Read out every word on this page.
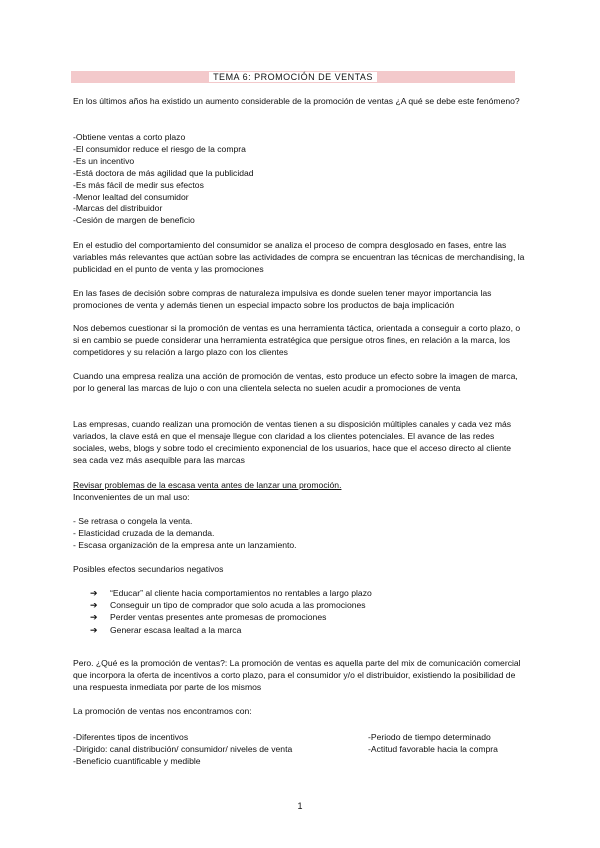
TEMA 6: PROMOCIÓN DE VENTAS

En los últimos años ha existido un aumento considerable de la promoción de ventas ¿A qué se debe este fenómeno?

-Obtiene ventas a corto plazo
-El consumidor reduce el riesgo de la compra
-Es un incentivo
-Está doctora de más agilidad que la publicidad
-Es más fácil de medir sus efectos
-Menor lealtad del consumidor
-Marcas del distribuidor
-Cesión de margen de beneficio

En el estudio del comportamiento del consumidor se analiza el proceso de compra desglosado en fases, entre las variables más relevantes que actúan sobre las actividades de compra se encuentran las técnicas de merchandising, la publicidad en el punto de venta y las promociones

En las fases de decisión sobre compras de naturaleza impulsiva es donde suelen tener mayor importancia las promociones de venta y además tienen un especial impacto sobre los productos de baja implicación

Nos debemos cuestionar si la promoción de ventas es una herramienta táctica, orientada a conseguir a corto plazo, o si en cambio se puede considerar una herramienta estratégica que persigue otros fines, en relación a la marca, los competidores y su relación a largo plazo con los clientes

Cuando una empresa realiza una acción de promoción de ventas, esto produce un efecto sobre la imagen de marca, por lo general las marcas de lujo o con una clientela selecta no suelen acudir a promociones de venta

Las empresas, cuando realizan una promoción de ventas tienen a su disposición múltiples canales y cada vez más variados, la clave está en que el mensaje llegue con claridad a los clientes potenciales. El avance de las redes sociales, webs, blogs y sobre todo el crecimiento exponencial de los usuarios, hace que el acceso directo al cliente sea cada vez más asequible para las marcas

Revisar problemas de la escasa venta antes de lanzar una promoción.
Inconvenientes de un mal uso:
- Se retrasa o congela la venta.
- Elasticidad cruzada de la demanda.
- Escasa organización de la empresa ante un lanzamiento.
Posibles efectos secundarios negativos
➔	“Educar” al cliente hacia comportamientos no rentables a largo plazo
➔	Conseguir un tipo de comprador que solo acuda a las promociones
➔	Perder ventas presentes ante promesas de promociones
➔	Generar escasa lealtad a la marca

Pero. ¿Qué es la promoción de ventas?: La promoción de ventas es aquella parte del mix de comunicación comercial que incorpora la oferta de incentivos a corto plazo, para el consumidor y/o el distribuidor, existiendo la posibilidad de una respuesta inmediata por parte de los mismos

La promoción de ventas nos encontramos con:
-Diferentes tipos de incentivos
-Dirigido: canal distribución/ consumidor/ niveles de venta
-Beneficio cuantificable y medible
-Periodo de tiempo determinado
-Actitud favorable hacia la compra
1
